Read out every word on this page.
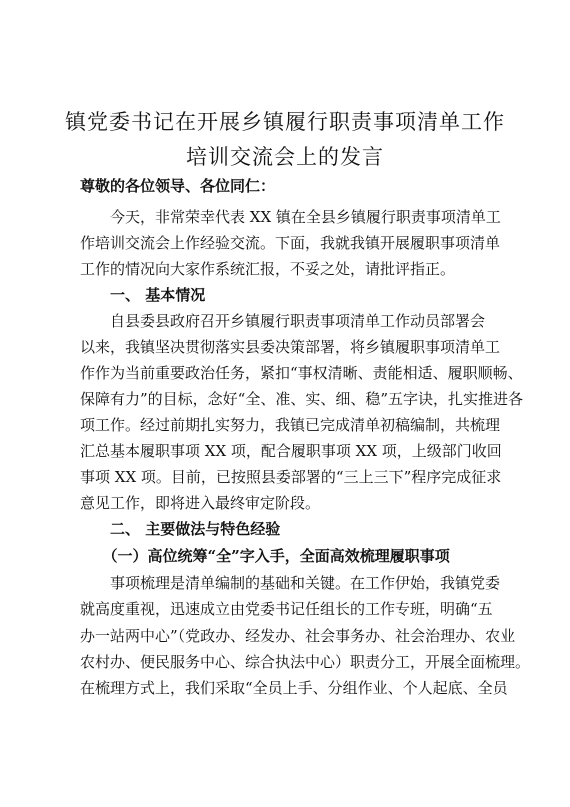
镇党委书记在开展乡镇履行职责事项清单工作
培训交流会上的发言
尊敬的各位领导、各位同仁：
　　今天，非常荣幸代表 XX 镇在全县乡镇履行职责事项清单工
作培训交流会上作经验交流。下面，我就我镇开展履职事项清单
工作的情况向大家作系统汇报，不妥之处，请批评指正。
　　一、 基本情况
　　自县委县政府召开乡镇履行职责事项清单工作动员部署会
以来，我镇坚决贯彻落实县委决策部署，将乡镇履职事项清单工
作作为当前重要政治任务，紧扣“事权清晰、责能相适、履职顺畅、
保障有力”的目标，念好“全、准、实、细、稳”五字诀，扎实推进各
项工作。经过前期扎实努力，我镇已完成清单初稿编制，共梳理
汇总基本履职事项 XX 项，配合履职事项 XX 项，上级部门收回
事项 XX 项。目前，已按照县委部署的“三上三下”程序完成征求
意见工作，即将进入最终审定阶段。
　　二、 主要做法与特色经验
　　（一）高位统筹“全”字入手，全面高效梳理履职事项
　　事项梳理是清单编制的基础和关键。在工作伊始，我镇党委
就高度重视，迅速成立由党委书记任组长的工作专班，明确“五
办一站两中心”（党政办、经发办、社会事务办、社会治理办、农业
农村办、便民服务中心、综合执法中心）职责分工，开展全面梳理。
在梳理方式上，我们采取“全员上手、分组作业、个人起底、全员
